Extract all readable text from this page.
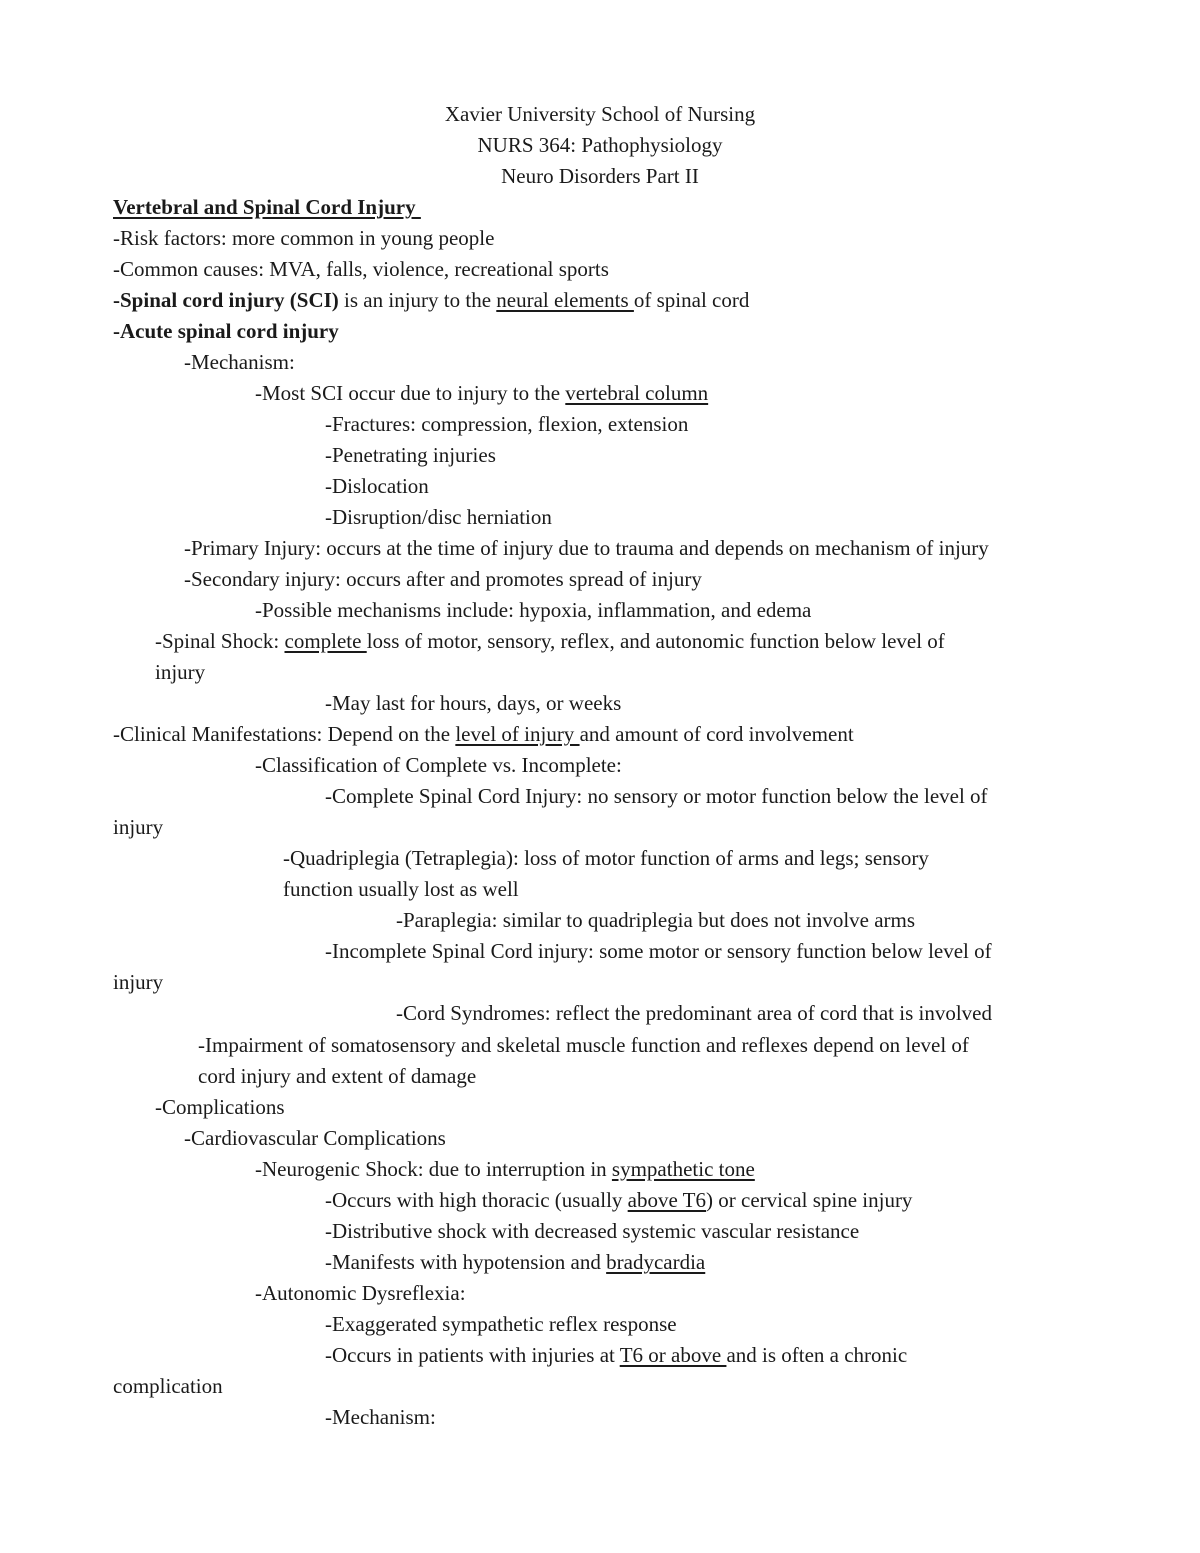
Xavier University School of Nursing
NURS 364: Pathophysiology
Neuro Disorders Part II
Vertebral and Spinal Cord Injury
-Risk factors: more common in young people
-Common causes: MVA, falls, violence, recreational sports
-Spinal cord injury (SCI) is an injury to the neural elements of spinal cord
-Acute spinal cord injury
-Mechanism:
-Most SCI occur due to injury to the vertebral column
-Fractures: compression, flexion, extension
-Penetrating injuries
-Dislocation
-Disruption/disc herniation
-Primary Injury: occurs at the time of injury due to trauma and depends on mechanism of injury
-Secondary injury: occurs after and promotes spread of injury
-Possible mechanisms include: hypoxia, inflammation, and edema
-Spinal Shock: complete loss of motor, sensory, reflex, and autonomic function below level of
injury
-May last for hours, days, or weeks
-Clinical Manifestations: Depend on the level of injury and amount of cord involvement
-Classification of Complete vs. Incomplete:
-Complete Spinal Cord Injury: no sensory or motor function below the level of
injury
-Quadriplegia (Tetraplegia): loss of motor function of arms and legs; sensory
function usually lost as well
-Paraplegia: similar to quadriplegia but does not involve arms
-Incomplete Spinal Cord injury: some motor or sensory function below level of
injury
-Cord Syndromes: reflect the predominant area of cord that is involved
-Impairment of somatosensory and skeletal muscle function and reflexes depend on level of
cord injury and extent of damage
-Complications
-Cardiovascular Complications
-Neurogenic Shock: due to interruption in sympathetic tone
-Occurs with high thoracic (usually above T6) or cervical spine injury
-Distributive shock with decreased systemic vascular resistance
-Manifests with hypotension and bradycardia
-Autonomic Dysreflexia:
-Exaggerated sympathetic reflex response
-Occurs in patients with injuries at T6 or above and is often a chronic
complication
-Mechanism:
